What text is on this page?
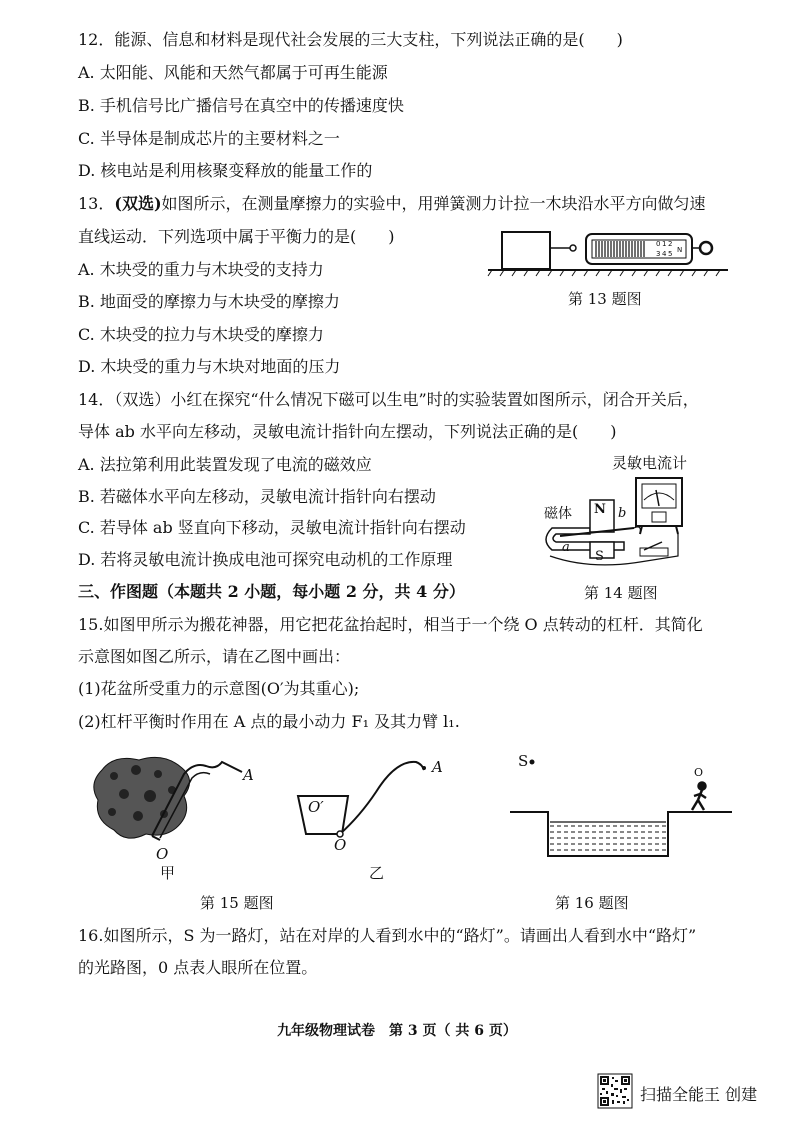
12．能源、信息和材料是现代社会发展的三大支柱，下列说法正确的是(　　)
A. 太阳能、风能和天然气都属于可再生能源
B. 手机信号比广播信号在真空中的传播速度快
C. 半导体是制成芯片的主要材料之一
D. 核电站是利用核聚变释放的能量工作的
13．(双选)如图所示，在测量摩擦力的实验中，用弹簧测力计拉一木块沿水平方向做匀速
直线运动．下列选项中属于平衡力的是(　　)
A. 木块受的重力与木块受的支持力
B. 地面受的摩擦力与木块受的摩擦力
C. 木块受的拉力与木块受的摩擦力
D. 木块受的重力与木块对地面的压力
0 1 2
3 4 5 N
第 13 题图
14．（双选）小红在探究“什么情况下磁可以生电”时的实验装置如图所示，闭合开关后，
导体 ab 水平向左移动，灵敏电流计指针向左摆动，下列说法正确的是(　　)
A. 法拉第利用此装置发现了电流的磁效应
B. 若磁体水平向左移动，灵敏电流计指针向右摆动
C. 若导体 ab 竖直向下移动，灵敏电流计指针向右摆动
D. 若将灵敏电流计换成电池可探究电动机的工作原理
灵敏电流计
磁体 N
S
b
a
第 14 题图
三、作图题（本题共 2 小题，每小题 2 分，共 4 分）
15.如图甲所示为搬花神器，用它把花盆抬起时，相当于一个绕 O 点转动的杠杆．其简化
示意图如图乙所示，请在乙图中画出：
(1)花盆所受重力的示意图(O′为其重心);
(2)杠杆平衡时作用在 A 点的最小动力 F₁ 及其力臂 l₁.
A
O
甲
A
O′
O
乙
第 15 题图
S
O
第 16 题图
16.如图所示，S 为一路灯，站在对岸的人看到水中的“路灯”。请画出人看到水中“路灯”
的光路图，0 点表人眼所在位置。
九年级物理试卷　第 3 页（ 共 6 页）
扫描全能王 创建
